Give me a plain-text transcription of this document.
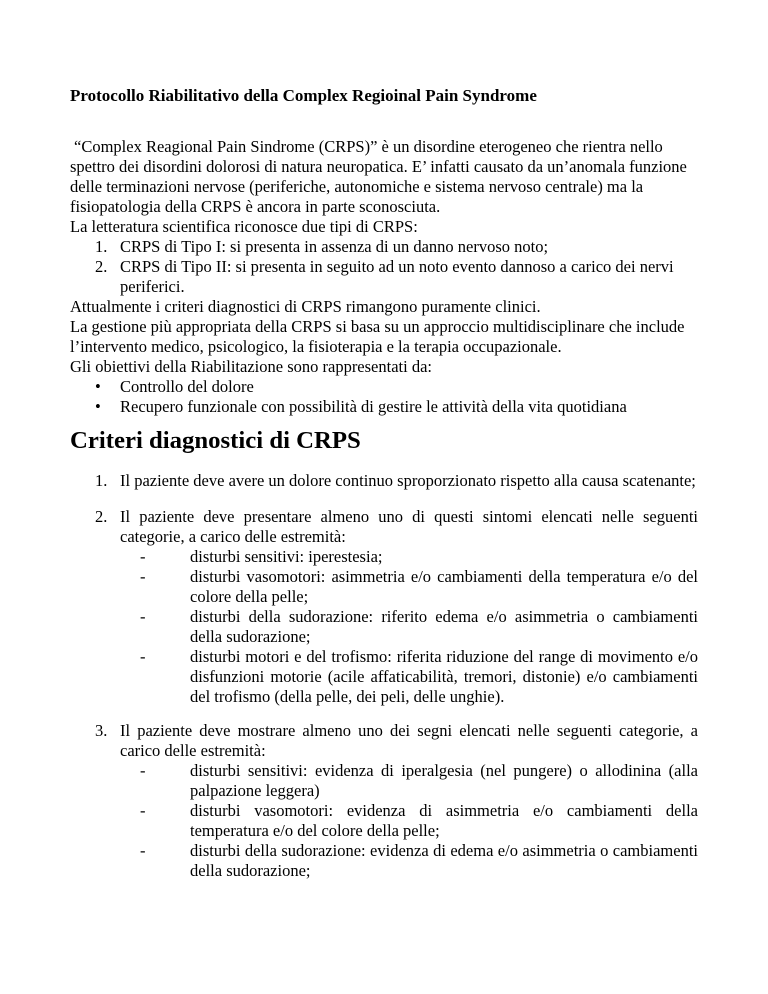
Protocollo Riabilitativo della Complex Regioinal Pain Syndrome

“Complex Reagional Pain Sindrome (CRPS)” è un disordine eterogeneo che rientra nello spettro dei disordini dolorosi di natura neuropatica. E’ infatti causato da un’anomala funzione delle terminazioni nervose (periferiche, autonomiche e sistema nervoso centrale) ma la fisiopatologia della CRPS è ancora in parte sconosciuta.

La letteratura scientifica riconosce due tipi di CRPS:

1. CRPS di Tipo I: si presenta in assenza di un danno nervoso noto;
2. CRPS di Tipo II: si presenta in seguito ad un noto evento dannoso a carico dei nervi periferici.

Attualmente i criteri diagnostici di CRPS rimangono puramente clinici.

La gestione più appropriata della CRPS si basa su un approccio multidisciplinare che include l’intervento medico, psicologico, la fisioterapia e la terapia occupazionale.

Gli obiettivi della Riabilitazione sono rappresentati da:

•	Controllo del dolore
•	Recupero funzionale con possibilità di gestire le attività della vita quotidiana
Criteri diagnostici di CRPS
1. Il paziente deve avere un dolore continuo sproporzionato rispetto alla causa scatenante;
2. Il paziente deve presentare almeno uno di questi sintomi elencati nelle seguenti categorie, a carico delle estremità:
-	disturbi sensitivi: iperestesia;
-	disturbi vasomotori: asimmetria e/o cambiamenti della temperatura e/o del colore della pelle;
-	disturbi della sudorazione: riferito edema e/o asimmetria o cambiamenti della sudorazione;
-	disturbi motori e del trofismo: riferita riduzione del range di movimento e/o disfunzioni motorie (acile affaticabilità, tremori, distonie) e/o cambiamenti del trofismo (della pelle, dei peli, delle unghie).
3. Il paziente deve mostrare almeno uno dei segni elencati nelle seguenti categorie, a carico delle estremità:
-	disturbi sensitivi: evidenza di iperalgesia (nel pungere) o allodinina (alla palpazione leggera)
-	disturbi vasomotori: evidenza di asimmetria e/o cambiamenti della temperatura e/o del colore della pelle;
-	disturbi della sudorazione: evidenza di edema e/o asimmetria o cambiamenti della sudorazione;
